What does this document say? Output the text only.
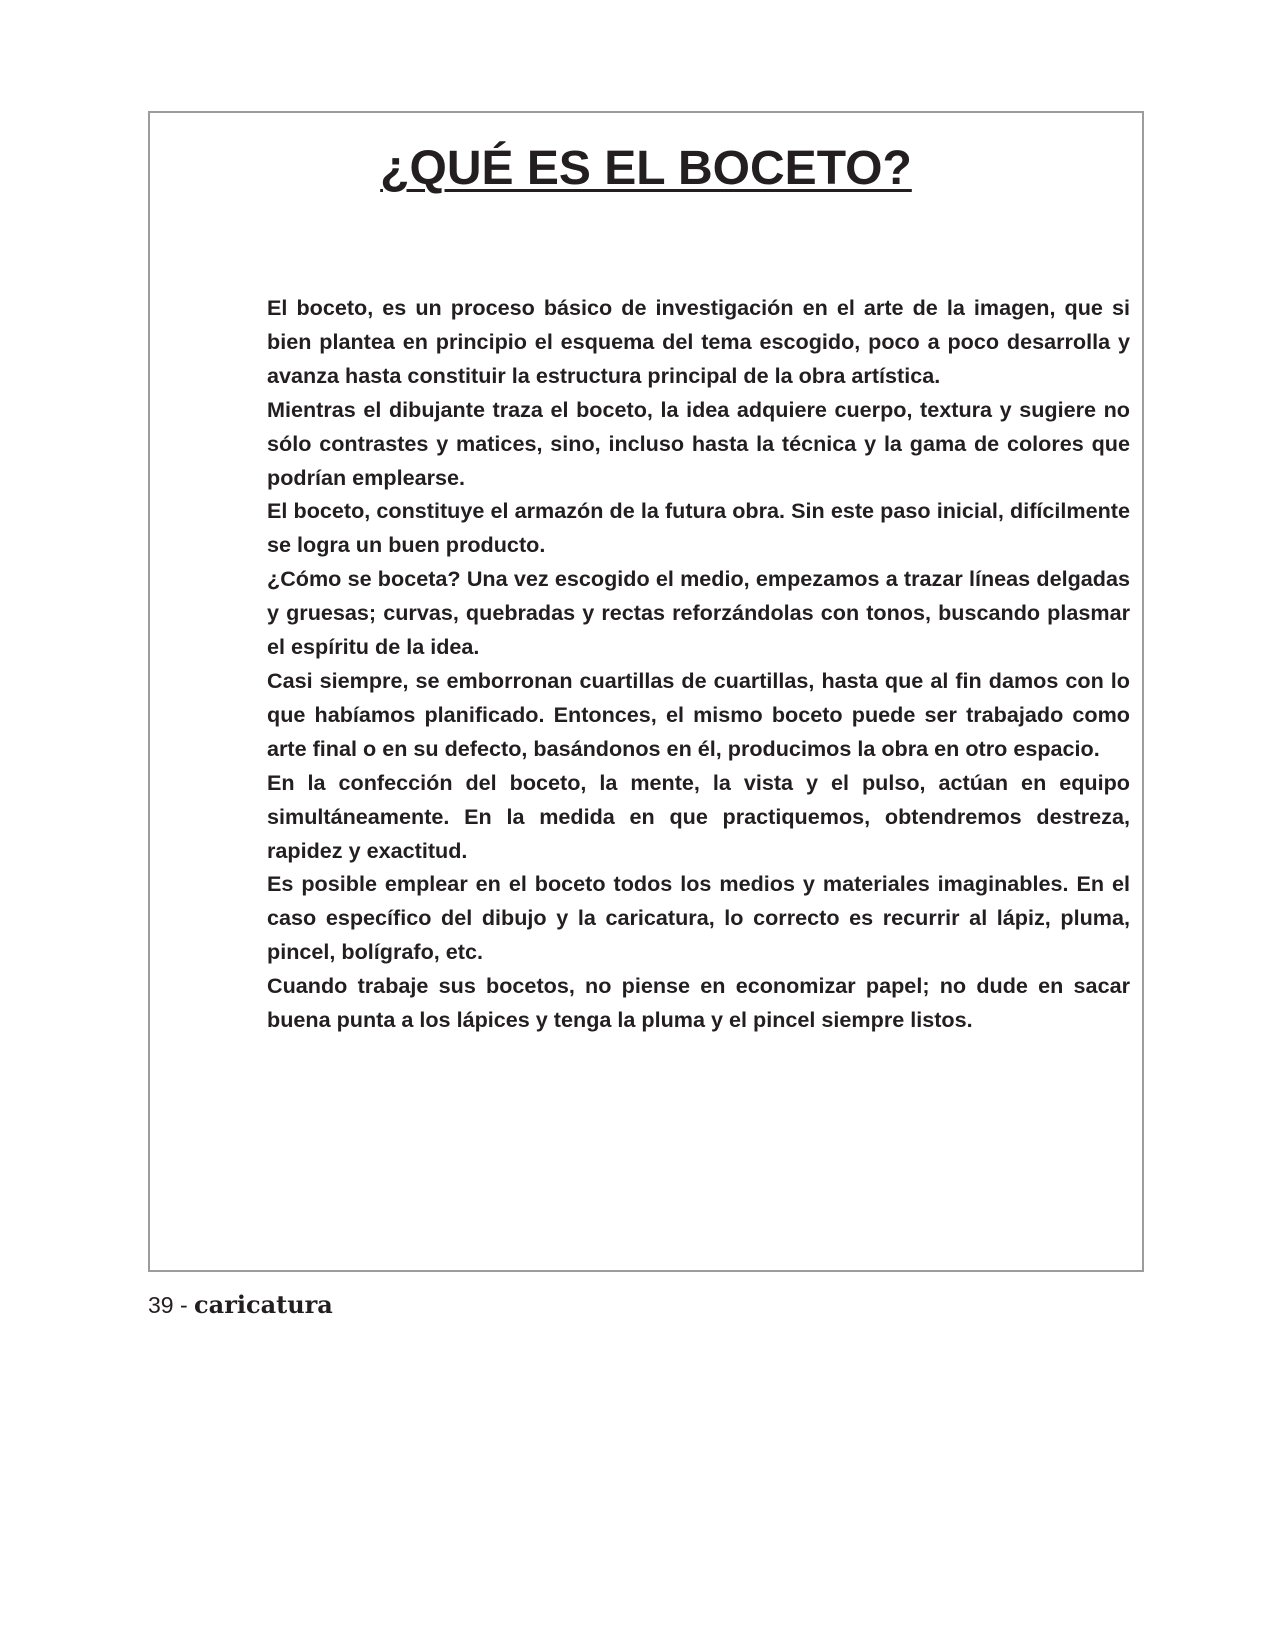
¿QUÉ ES EL BOCETO?

El boceto, es un proceso básico de investigación en el arte de la imagen, que si bien plantea en principio el esquema del tema escogido, poco a poco desarrolla y avanza hasta constituir la estructura principal de la obra artística.

Mientras el dibujante traza el boceto, la idea adquiere cuerpo, textura y sugiere no sólo contrastes y matices, sino, incluso hasta la técnica y la gama de colores que podrían emplearse.

El boceto, constituye el armazón de la futura obra. Sin este paso inicial, difícilmente se logra un buen producto.

¿Cómo se boceta? Una vez escogido el medio, empezamos a trazar líneas delgadas y gruesas; curvas, quebradas y rectas reforzándolas con tonos, buscando plasmar el espíritu de la idea.

Casi siempre, se emborronan cuartillas de cuartillas, hasta que al fin damos con lo que habíamos planificado. Entonces, el mismo boceto puede ser trabajado como arte final o en su defecto, basándonos en él, producimos la obra en otro espacio.

En la confección del boceto, la mente, la vista y el pulso, actúan en equipo simultáneamente. En la medida en que practiquemos, obtendremos destreza, rapidez y exactitud.

Es posible emplear en el boceto todos los medios y materiales imaginables. En el caso específico del dibujo y la caricatura, lo correcto es recurrir al lápiz, pluma, pincel, bolígrafo, etc.

Cuando trabaje sus bocetos, no piense en economizar papel; no dude en sacar buena punta a los lápices y tenga la pluma y el pincel siempre listos.

39 - caricatura
